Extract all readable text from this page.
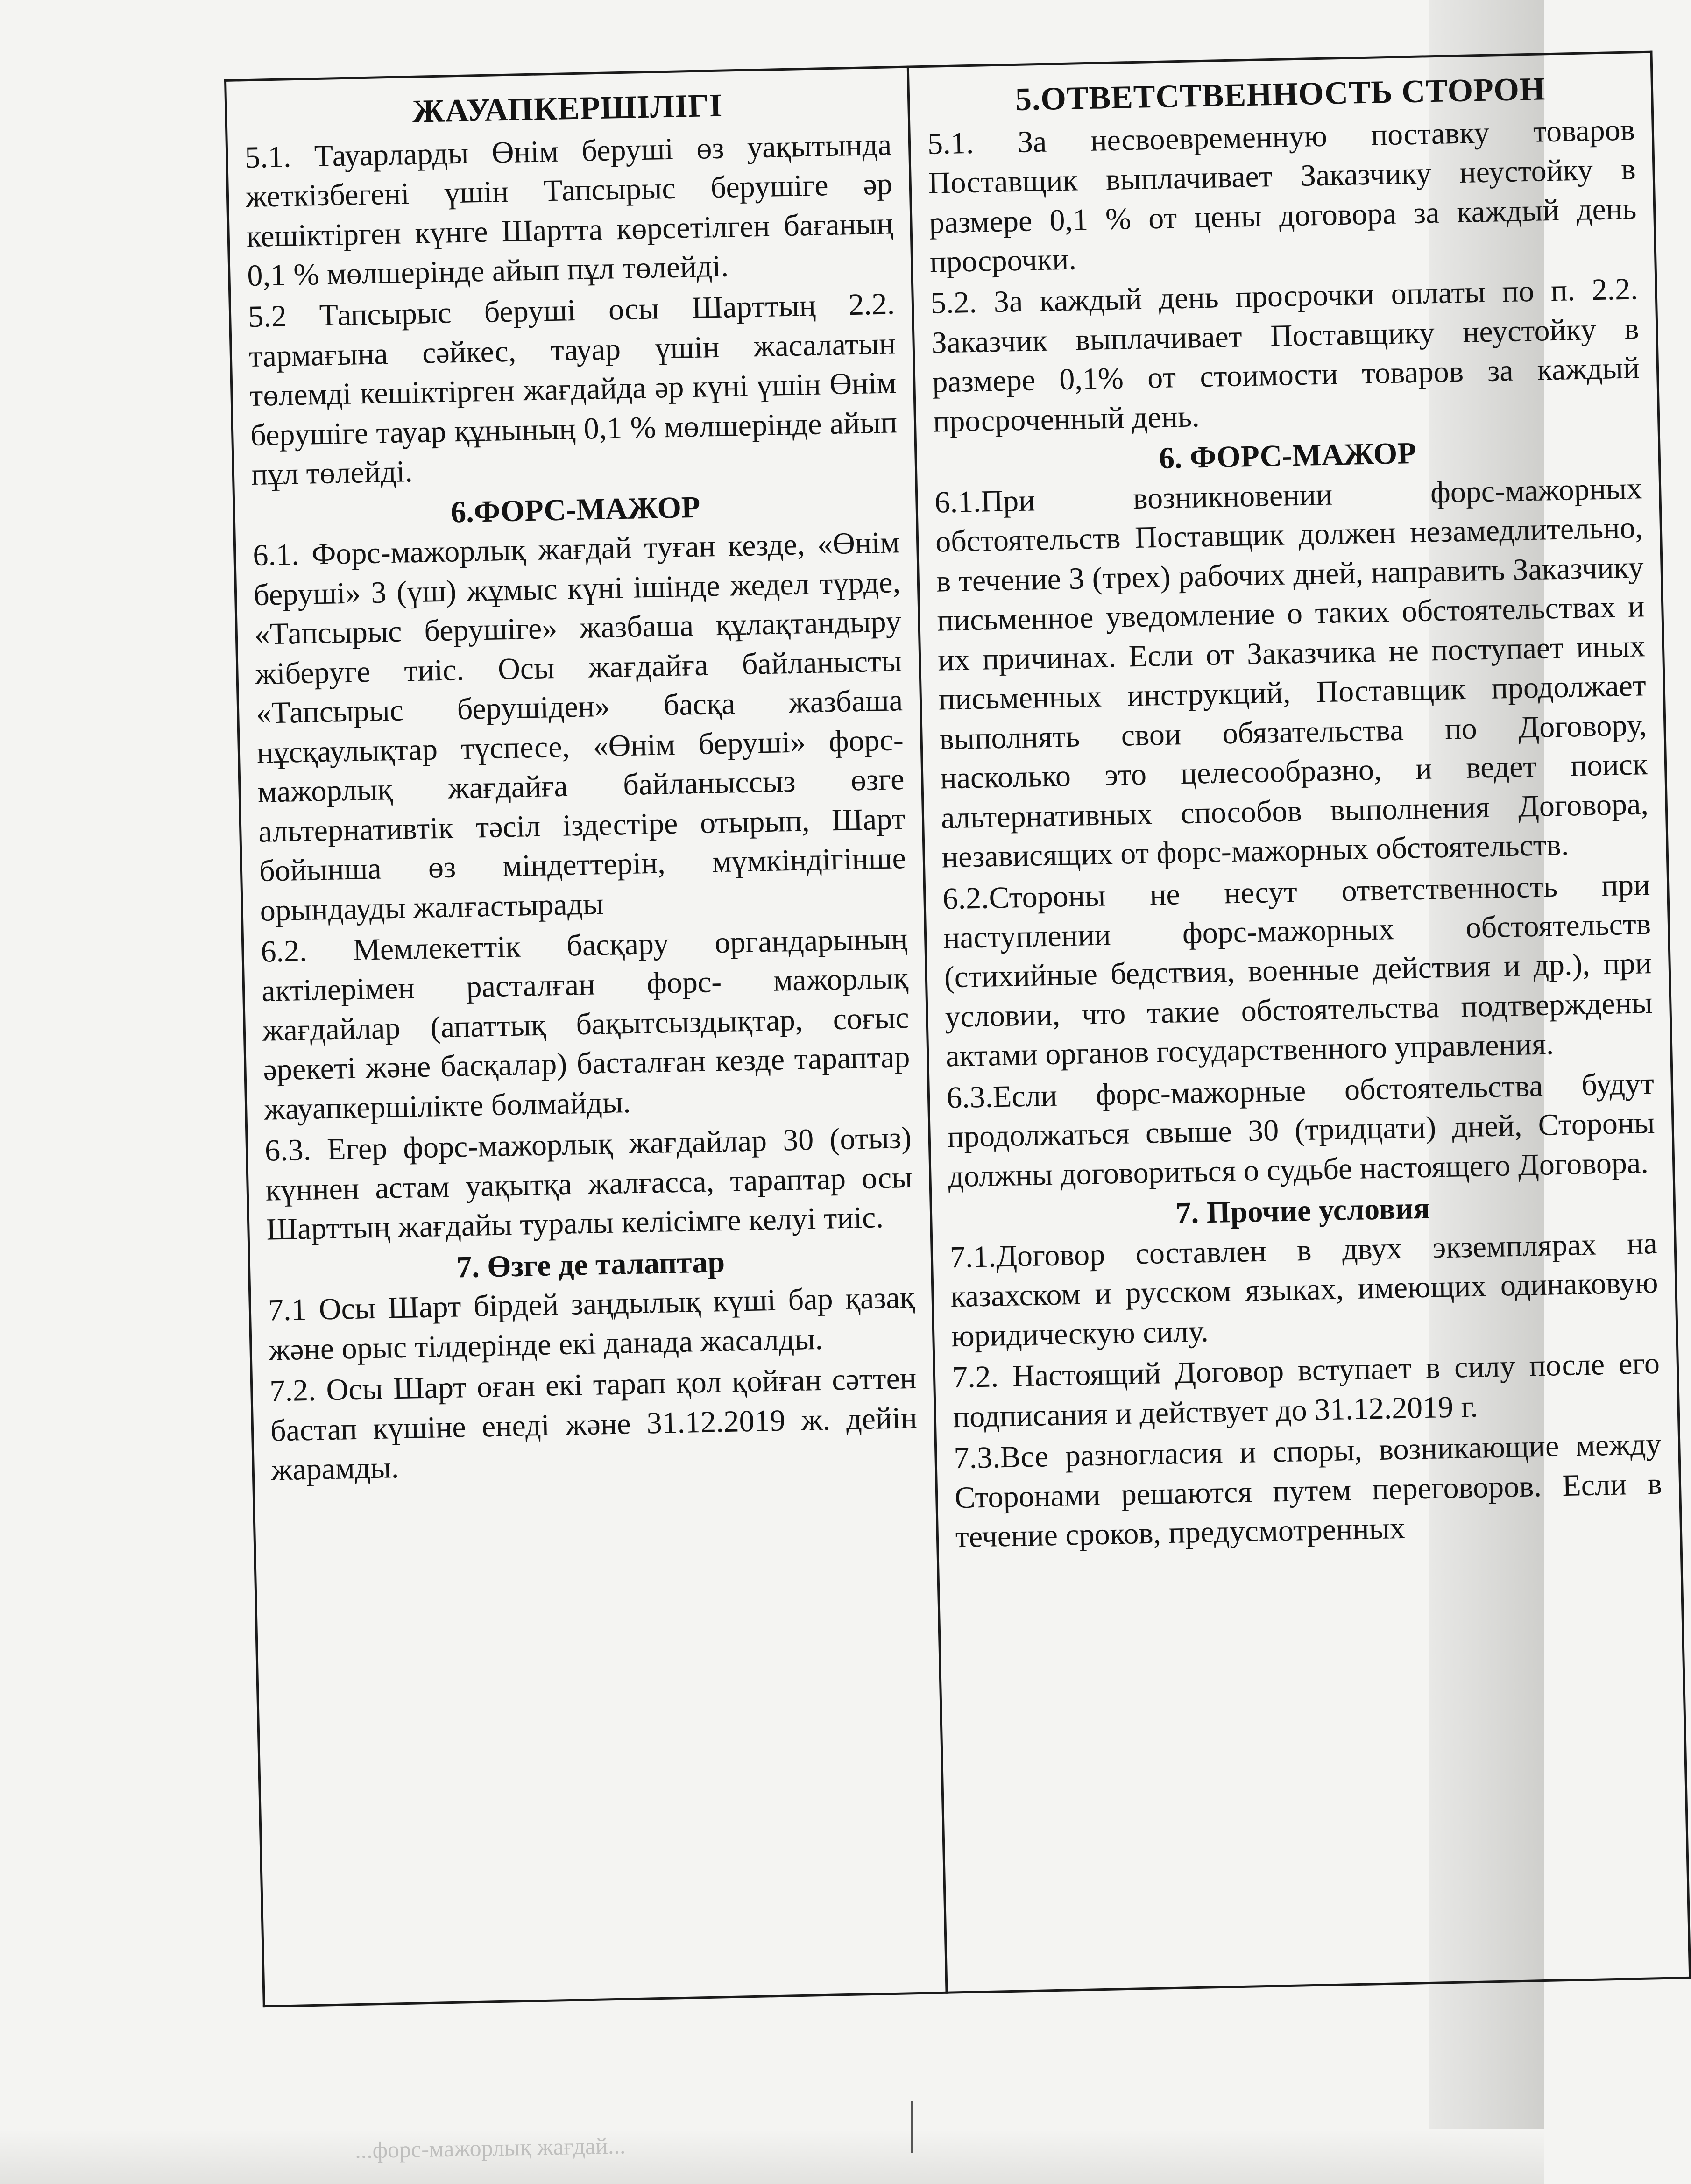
ЖАУАПКЕРШІЛІГІ

5.1. Тауарларды Өнім беруші өз уақытында жеткізбегені үшін Тапсырыс берушіге әр кешіктірген күнге Шартта көрсетілген бағаның 0,1 % мөлшерінде айып пұл төлейді.

5.2 Тапсырыс беруші осы Шарттың 2.2. тармағына сәйкес, тауар үшін жасалатын төлемді кешіктірген жағдайда әр күні үшін Өнім берушіге тауар құнының 0,1 % мөлшерінде айып пұл төлейді.

6.ФОРС-МАЖОР

6.1. Форс-мажорлық жағдай туған кезде, «Өнім беруші» 3 (үш) жұмыс күні ішінде жедел түрде, «Тапсырыс берушіге» жазбаша құлақтандыру жіберуге тиіс. Осы жағдайға байланысты «Тапсырыс берушіден» басқа жазбаша нұсқаулықтар түспесе, «Өнім беруші» форс-мажорлық жағдайға байланыссыз өзге альтернативтік тәсіл іздестіре отырып, Шарт бойынша өз міндеттерін, мүмкіндігінше орындауды жалғастырады

6.2. Мемлекеттік басқару органдарының актілерімен расталған форс- мажорлық жағдайлар (апаттық бақытсыздықтар, соғыс әрекеті және басқалар) басталған кезде тараптар жауапкершілікте болмайды.

6.3. Егер форс-мажорлық жағдайлар 30 (отыз) күннен астам уақытқа жалғасса, тараптар осы Шарттың жағдайы туралы келісімге келуі тиіс.

7. Өзге де талаптар

7.1 Осы Шарт бірдей заңдылық күші бар қазақ және орыс тілдерінде екі данада жасалды.

7.2. Осы Шарт оған екі тарап қол қойған сәттен бастап күшіне енеді және 31.12.2019 ж. дейін жарамды.

5.ОТВЕТСТВЕННОСТЬ СТОРОН

5.1. За несвоевременную поставку товаров Поставщик выплачивает Заказчику неустойку в размере 0,1 % от цены договора за каждый день просрочки.

5.2. За каждый день просрочки оплаты по п. 2.2. Заказчик выплачивает Поставщику неустойку в размере 0,1% от стоимости товаров за каждый просроченный день.

6. ФОРС-МАЖОР

6.1.При возникновении форс-мажорных обстоятельств Поставщик должен незамедлительно, в течение 3 (трех) рабочих дней, направить Заказчику письменное уведомление о таких обстоятельствах и их причинах. Если от Заказчика не поступает иных письменных инструкций, Поставщик продолжает выполнять свои обязательства по Договору, насколько это целесообразно, и ведет поиск альтернативных способов выполнения Договора, независящих от форс-мажорных обстоятельств.

6.2.Стороны не несут ответственность при наступлении форс-мажорных обстоятельств (стихийные бедствия, военные действия и др.), при условии, что такие обстоятельства подтверждены актами органов государственного управления.

6.3.Если форс-мажорные обстоятельства будут продолжаться свыше 30 (тридцати) дней, Стороны должны договориться о судьбе настоящего Договора.

7. Прочие условия

7.1.Договор составлен в двух экземплярах на казахском и русском языках, имеющих одинаковую юридическую силу.

7.2. Настоящий Договор вступает в силу после его подписания и действует до 31.12.2019 г.

7.3.Все разногласия и споры, возникающие между Сторонами решаются путем переговоров. Если в течение сроков, предусмотренных

...форс-мажорлық жағдай...
